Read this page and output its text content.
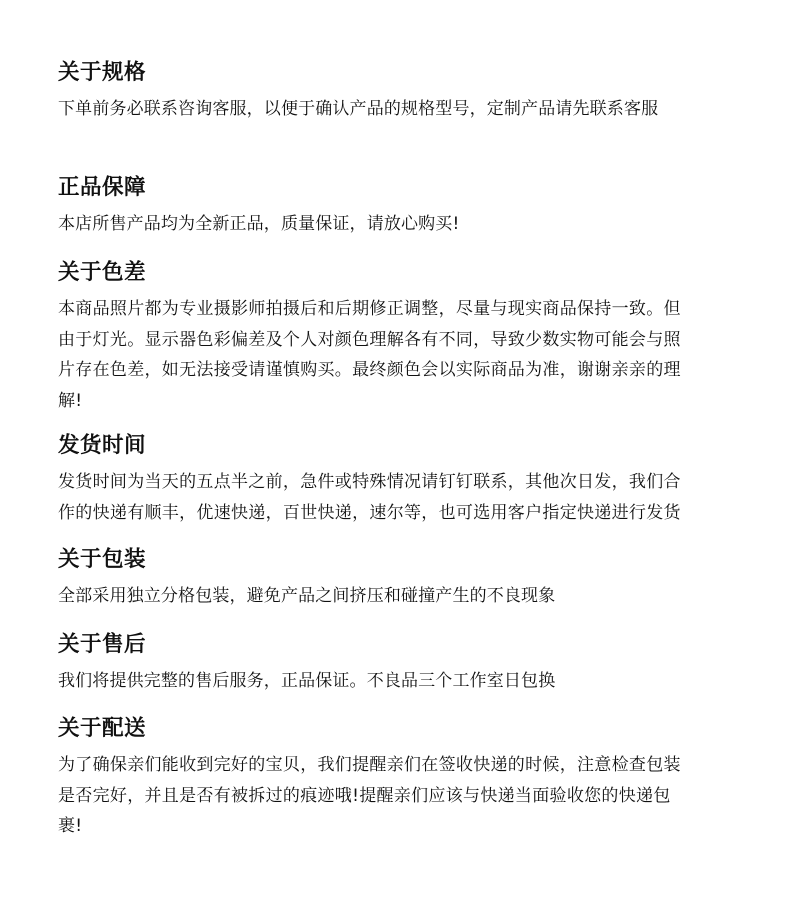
关于规格

下单前务必联系咨询客服，以便于确认产品的规格型号，定制产品请先联系客服

正品保障

本店所售产品均为全新正品，质量保证，请放心购买!

关于色差

本商品照片都为专业摄影师拍摄后和后期修正调整，尽量与现实商品保持一致。但
由于灯光。显示器色彩偏差及个人对颜色理解各有不同，导致少数实物可能会与照
片存在色差，如无法接受请谨慎购买。最终颜色会以实际商品为准，谢谢亲亲的理
解!

发货时间

发货时间为当天的五点半之前，急件或特殊情况请钉钉联系，其他次日发，我们合
作的快递有顺丰，优速快递，百世快递，速尔等，也可选用客户指定快递进行发货

关于包装

全部采用独立分格包装，避免产品之间挤压和碰撞产生的不良现象

关于售后

我们将提供完整的售后服务，正品保证。不良品三个工作室日包换

关于配送

为了确保亲们能收到完好的宝贝，我们提醒亲们在签收快递的时候，注意检查包装
是否完好，并且是否有被拆过的痕迹哦!提醒亲们应该与快递当面验收您的快递包
裹!
